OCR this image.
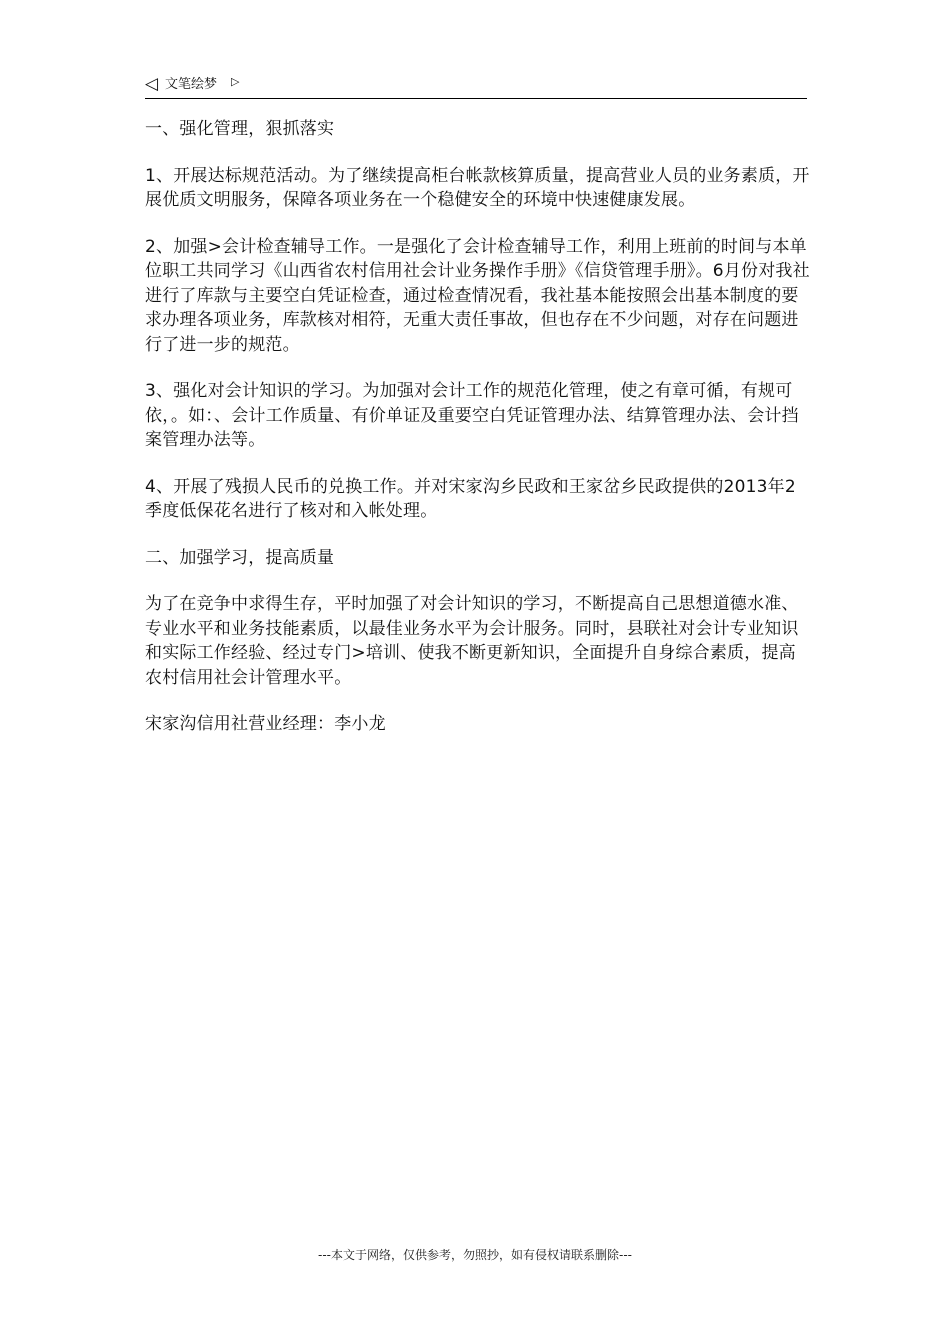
◁ 文笔绘梦 ▷

一、强化管理，狠抓落实

1、开展达标规范活动。为了继续提高柜台帐款核算质量，提高营业人员的业务素质，开展优质文明服务，保障各项业务在一个稳健安全的环境中快速健康发展。

2、加强>会计检查辅导工作。一是强化了会计检查辅导工作，利用上班前的时间与本单位职工共同学习《山西省农村信用社会计业务操作手册》《信贷管理手册》。6月份对我社进行了库款与主要空白凭证检查，通过检查情况看，我社基本能按照会出基本制度的要求办理各项业务，库款核对相符，无重大责任事故，但也存在不少问题，对存在问题进行了进一步的规范。

3、强化对会计知识的学习。为加强对会计工作的规范化管理，使之有章可循，有规可依，。如：、会计工作质量、有价单证及重要空白凭证管理办法、结算管理办法、会计挡案管理办法等。

4、开展了残损人民币的兑换工作。并对宋家沟乡民政和王家岔乡民政提供的2013年2季度低保花名进行了核对和入帐处理。

二、加强学习，提高质量

为了在竞争中求得生存，平时加强了对会计知识的学习，不断提高自己思想道德水准、专业水平和业务技能素质，以最佳业务水平为会计服务。同时，县联社对会计专业知识和实际工作经验、经过专门>培训、使我不断更新知识，全面提升自身综合素质，提高农村信用社会计管理水平。

宋家沟信用社营业经理：李小龙

---本文于网络，仅供参考，勿照抄，如有侵权请联系删除---
